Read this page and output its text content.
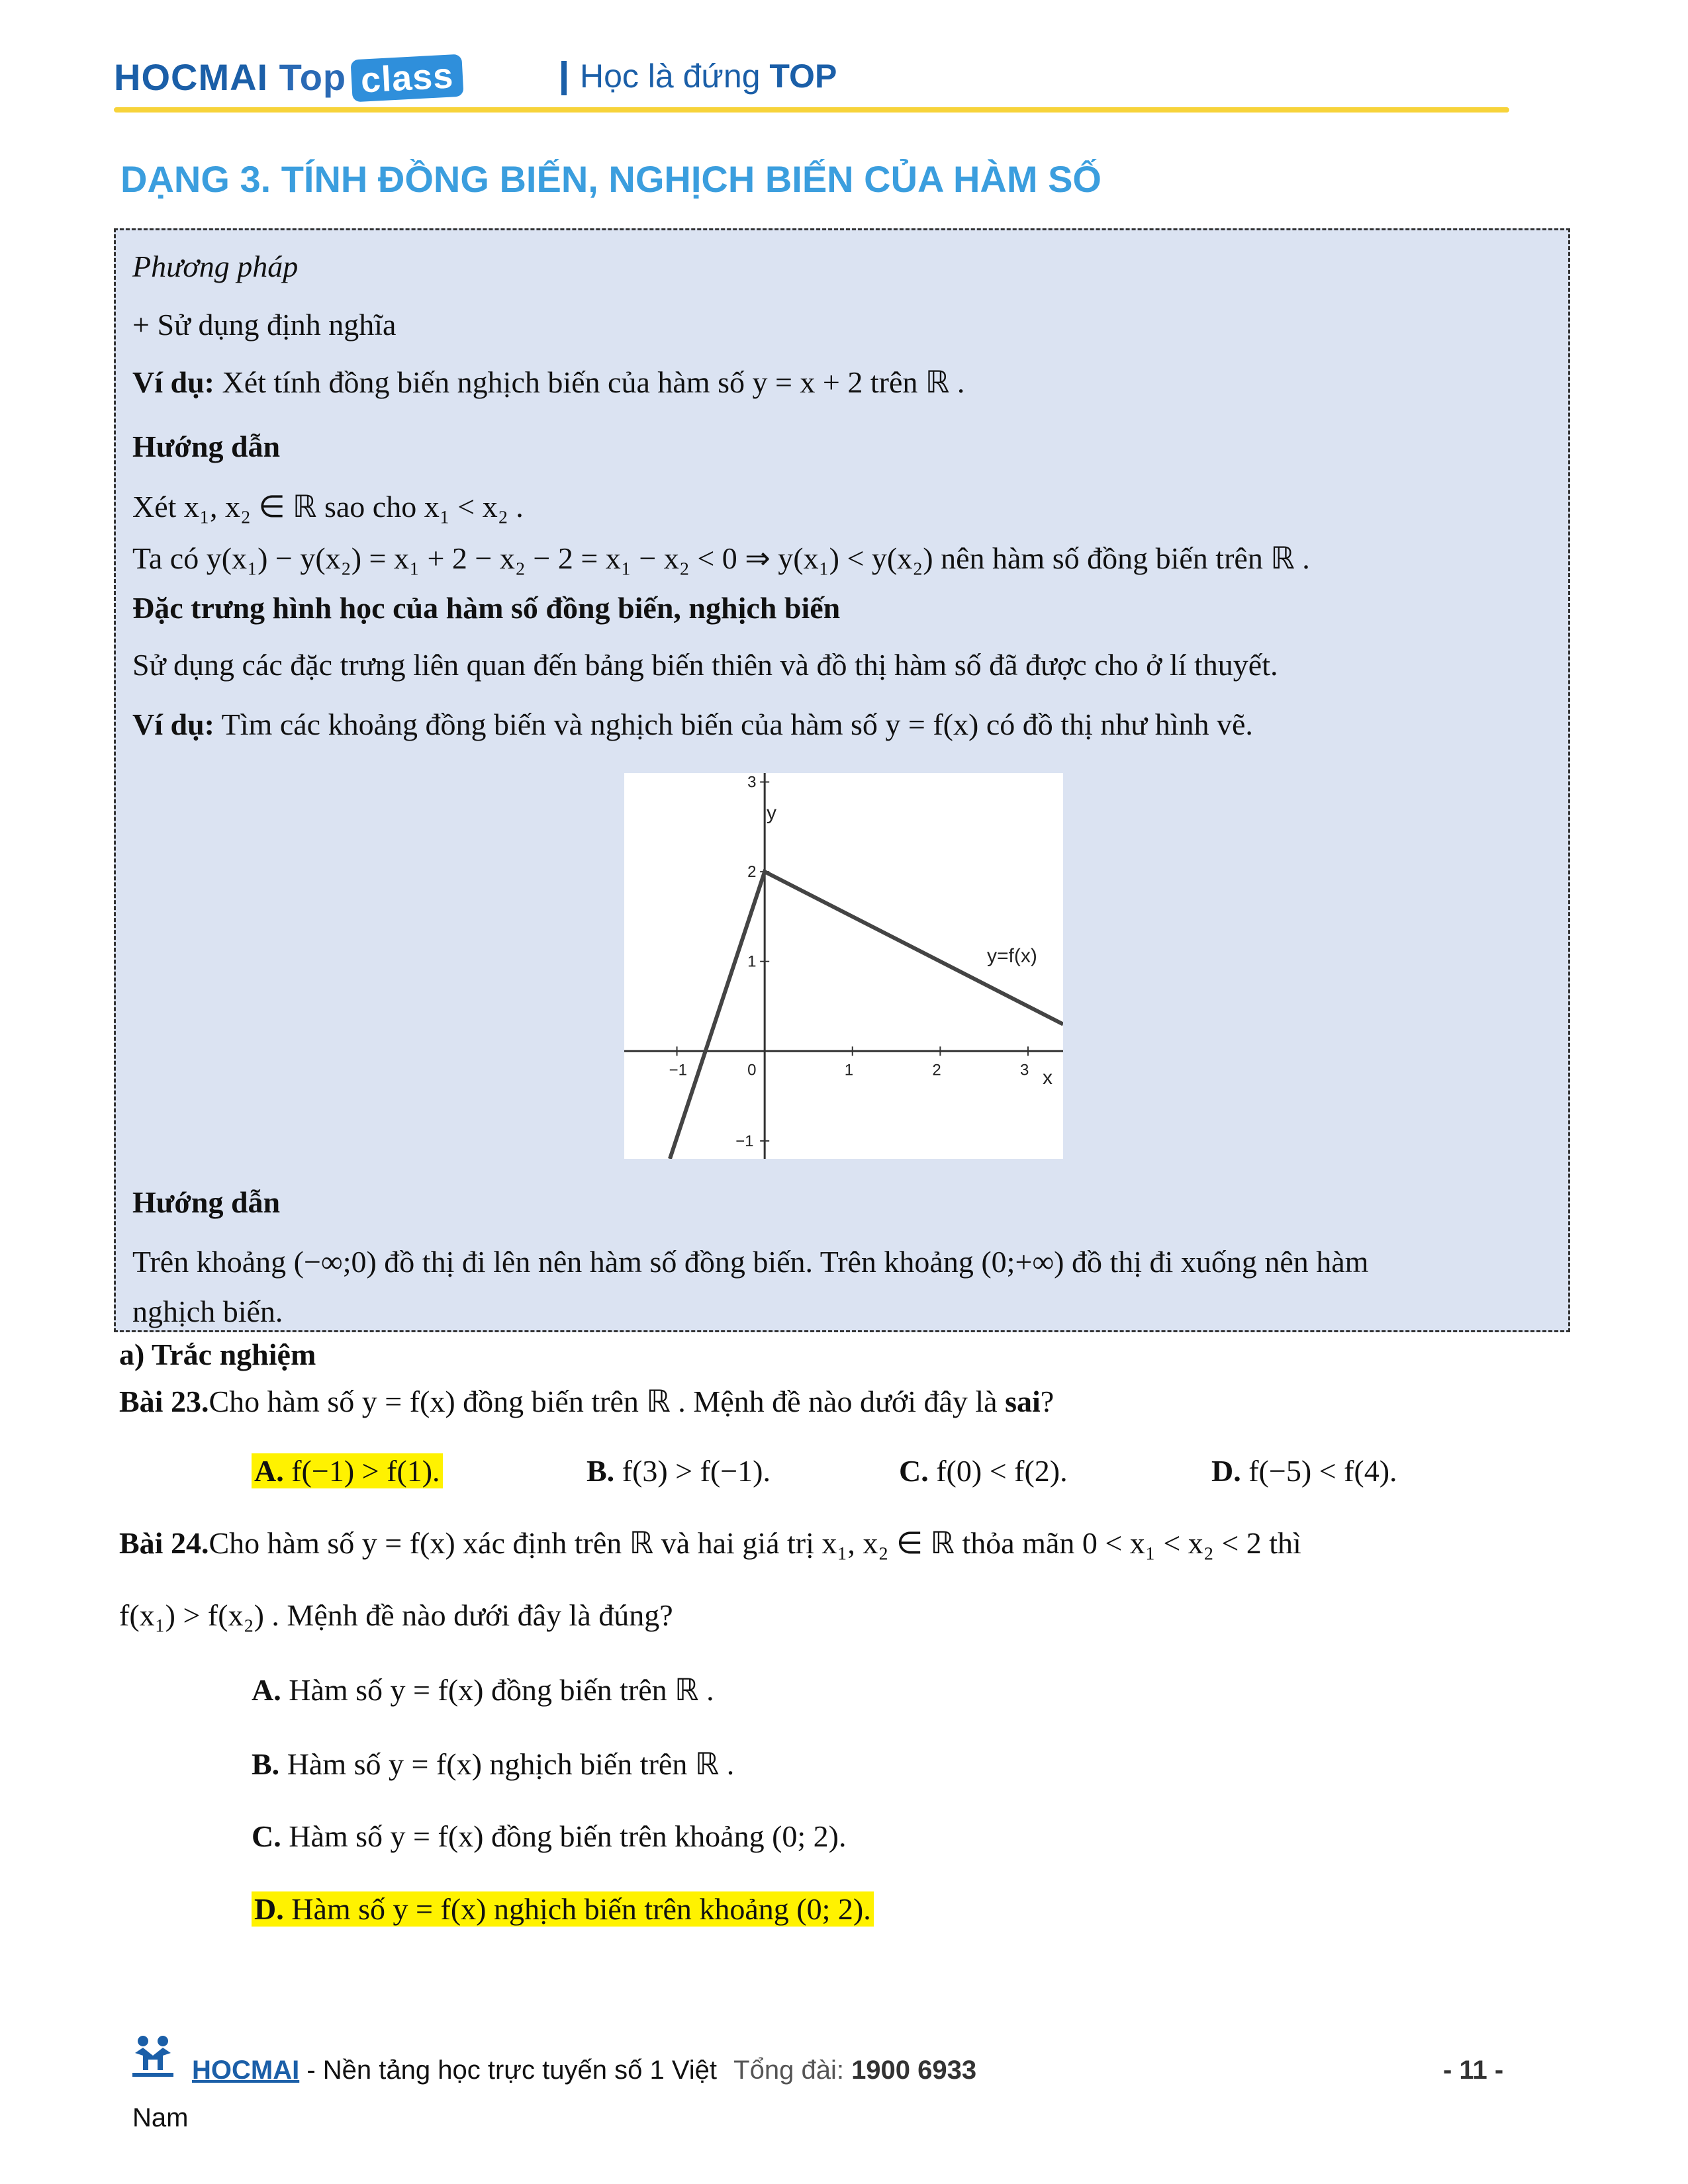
HOCMAI Top class	Học là đứng TOP
DẠNG 3. TÍNH ĐỒNG BIẾN, NGHỊCH BIẾN CỦA HÀM SỐ
Phương pháp
+ Sử dụng định nghĩa
Ví dụ: Xét tính đồng biến nghịch biến của hàm số y = x + 2 trên ℝ .
Hướng dẫn
Xét x₁, x₂ ∈ ℝ sao cho x₁ < x₂ .
Ta có y(x₁) − y(x₂) = x₁ + 2 − x₂ − 2 = x₁ − x₂ < 0 ⇒ y(x₁) < y(x₂) nên hàm số đồng biến trên ℝ .
Đặc trưng hình học của hàm số đồng biến, nghịch biến
Sử dụng các đặc trưng liên quan đến bảng biến thiên và đồ thị hàm số đã được cho ở lí thuyết.
Ví dụ: Tìm các khoảng đồng biến và nghịch biến của hàm số y = f(x) có đồ thị như hình vẽ.
−1	0	1	2	3
3
2
1
−1
y
x
y=f(x)
Hướng dẫn
Trên khoảng (−∞;0) đồ thị đi lên nên hàm số đồng biến. Trên khoảng (0;+∞) đồ thị đi xuống nên hàm
nghịch biến.
a) Trắc nghiệm
Bài 23.Cho hàm số y = f(x) đồng biến trên ℝ . Mệnh đề nào dưới đây là sai?
A. f(−1) > f(1).	B. f(3) > f(−1).	C. f(0) < f(2).	D. f(−5) < f(4).
Bài 24.Cho hàm số y = f(x) xác định trên ℝ và hai giá trị x₁, x₂ ∈ ℝ thỏa mãn 0 < x₁ < x₂ < 2 thì
f(x₁) > f(x₂) . Mệnh đề nào dưới đây là đúng?
A. Hàm số y = f(x) đồng biến trên ℝ .
B. Hàm số y = f(x) nghịch biến trên ℝ .
C. Hàm số y = f(x) đồng biến trên khoảng (0; 2).
D. Hàm số y = f(x) nghịch biến trên khoảng (0; 2).
HOCMAI - Nền tảng học trực tuyến số 1 Việt Tổng đài: 1900 6933	- 11 -
Nam
